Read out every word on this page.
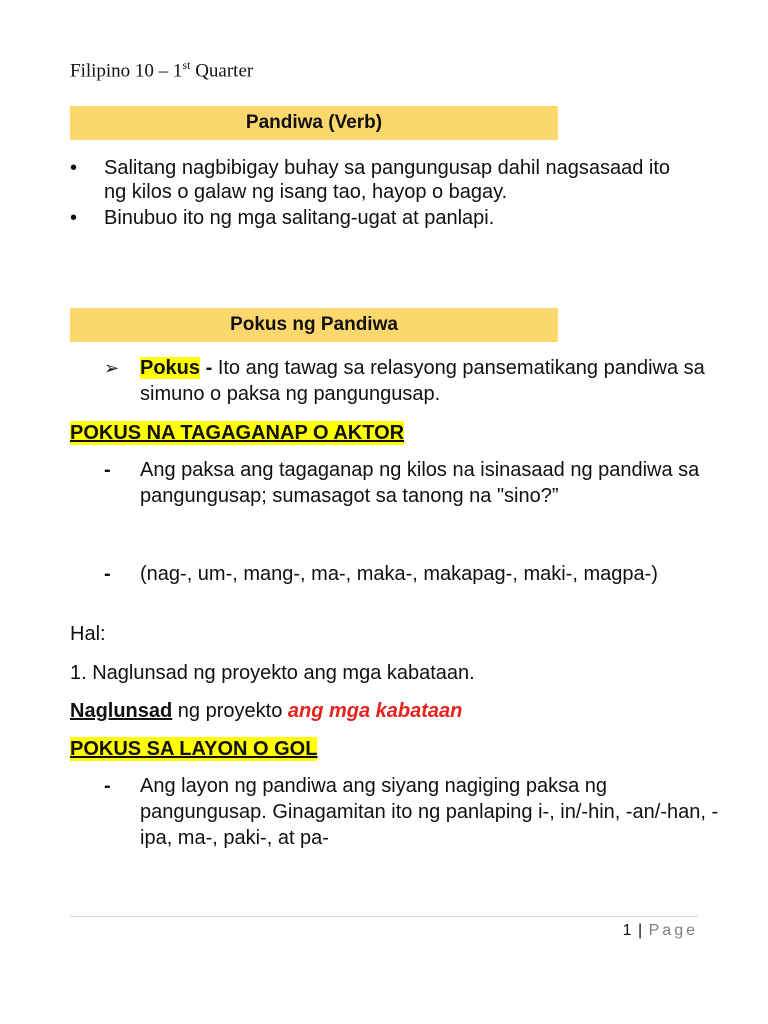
Filipino 10 – 1st Quarter
Pandiwa (Verb)
• Salitang nagbibigay buhay sa pangungusap dahil nagsasaad ito ng kilos o galaw ng isang tao, hayop o bagay.
• Binubuo ito ng mga salitang-ugat at panlapi.
Pokus ng Pandiwa
➢ Pokus - Ito ang tawag sa relasyong pansematikang pandiwa sa simuno o paksa ng pangungusap.
POKUS NA TAGAGANAP O AKTOR
- Ang paksa ang tagaganap ng kilos na isinasaad ng pandiwa sa pangungusap; sumasagot sa tanong na "sino?”
- (nag-, um-, mang-, ma-, maka-, makapag-, maki-, magpa-)
Hal:
1. Naglunsad ng proyekto ang mga kabataan.
Naglunsad ng proyekto ang mga kabataan
POKUS SA LAYON O GOL
- Ang layon ng pandiwa ang siyang nagiging paksa ng pangungusap. Ginagamitan ito ng panlaping i-, in/-hin, -an/-han, -ipa, ma-, paki-, at pa-
1 | Page
